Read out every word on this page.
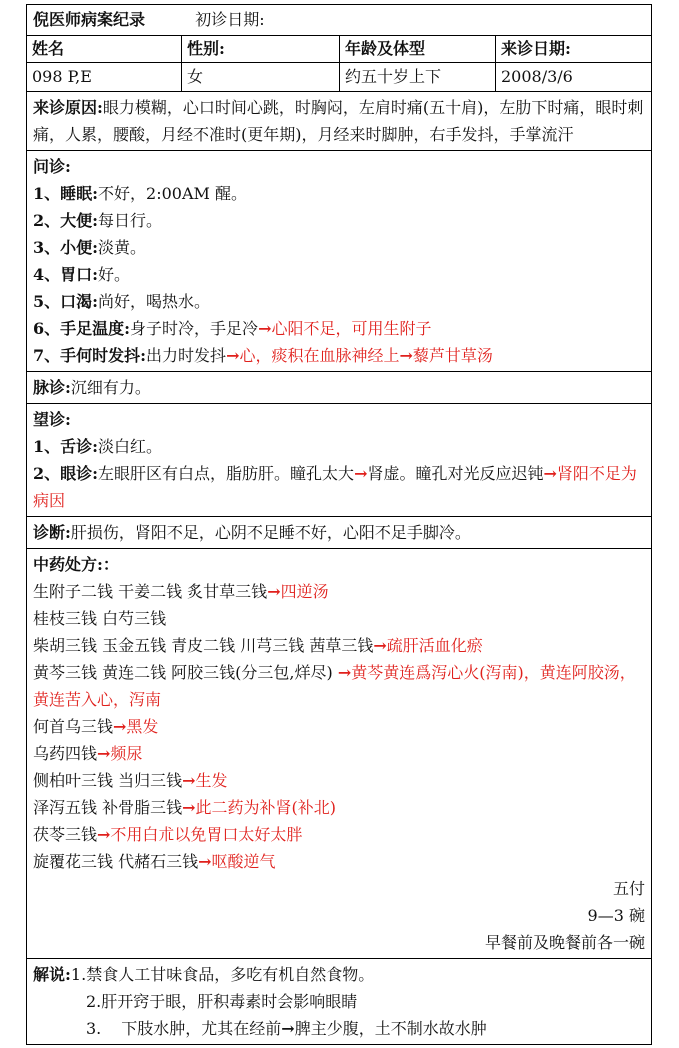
倪医师病案纪录	初诊日期:
姓名	性别:	年龄及体型	来诊日期:
098 P,E	女	约五十岁上下	2008/3/6
来诊原因:眼力模糊，心口时间心跳，时胸闷，左肩时痛(五十肩)，左肋下时痛，眼时刺痛，人累，腰酸，月经不准时(更年期)，月经来时脚肿，右手发抖，手掌流汗
问诊:
1、睡眠:不好，2:00AM 醒。
2、大便:每日行。
3、小便:淡黄。
4、胃口:好。
5、口渴:尚好，喝热水。
6、手足温度:身子时冷，手足冷→心阳不足，可用生附子
7、手何时发抖:出力时发抖→心，痰积在血脉神经上→藜芦甘草汤
脉诊:沉细有力。
望诊:
1、舌诊:淡白红。
2、眼诊:左眼肝区有白点，脂肪肝。瞳孔太大→肾虚。瞳孔对光反应迟钝→肾阳不足为病因
诊断:肝损伤，肾阳不足，心阴不足睡不好，心阳不足手脚冷。
中药处方:：
生附子二钱 干姜二钱 炙甘草三钱→四逆汤
桂枝三钱 白芍三钱
柴胡三钱 玉金五钱 青皮二钱 川芎三钱 茜草三钱→疏肝活血化瘀
黄芩三钱 黄连二钱 阿胶三钱(分三包,烊尽) →黄芩黄连爲泻心火(泻南)，黄连阿胶汤，黄连苦入心，泻南
何首乌三钱→黑发
乌药四钱→频尿
侧柏叶三钱 当归三钱→生发
泽泻五钱 补骨脂三钱→此二药为补肾(补北)
茯苓三钱→不用白朮以免胃口太好太胖
旋覆花三钱 代赭石三钱→呕酸逆气
五付
9—3 碗
早餐前及晚餐前各一碗
解说:1.禁食人工甘味食品，多吃有机自然食物。
2.肝开窍于眼，肝积毒素时会影响眼睛
3. 下肢水肿，尤其在经前→脾主少腹，土不制水故水肿
